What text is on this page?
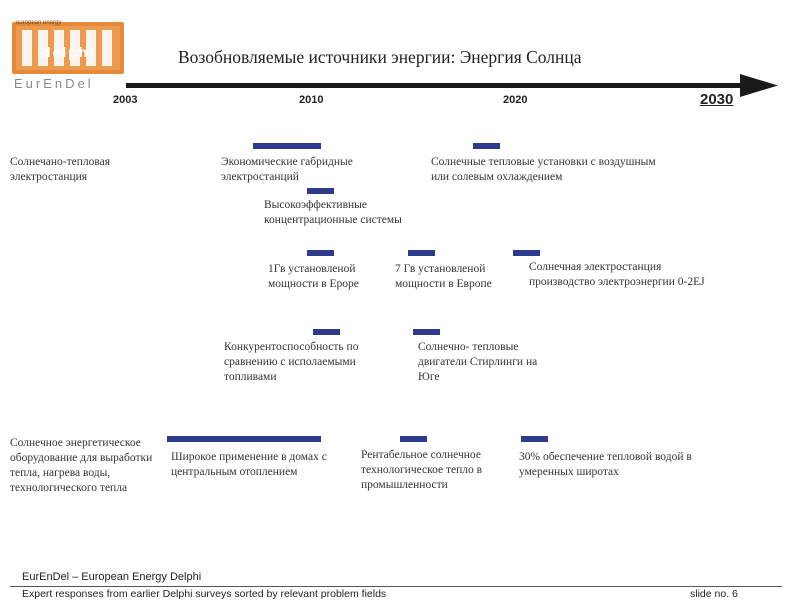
european energy
delphi
EurEnDel
Возобновляемые источники энергии: Энергия Солнца
2003	2010	2020	2030
Солнечано-тепловая электростанция
Экономические габридные электростанций
Солнечные тепловые установки с воздушным или солевым охлаждением
Высокоэффективные концентрационные системы
1Гв установленой мощности в Ероре
7 Гв установленой мощности в Европе
Солнечная электростанция производство электроэнергии 0-2EJ
Конкурентоспособность по сравнению с исполаемыми топливами
Солнечно- тепловые двигатели Стирлинги на Юге
Солнечное энергетическое оборудование для выработки тепла, нагрева воды, технологического тепла
Широкое применение в домах с центральным отоплением
Рентабельное солнечное технологическое тепло в промышленности
30% обеспечение тепловой водой в умеренных широтах
EurEnDel – European Energy Delphi
Expert responses from earlier Delphi surveys sorted by relevant problem fields	slide no. 6
